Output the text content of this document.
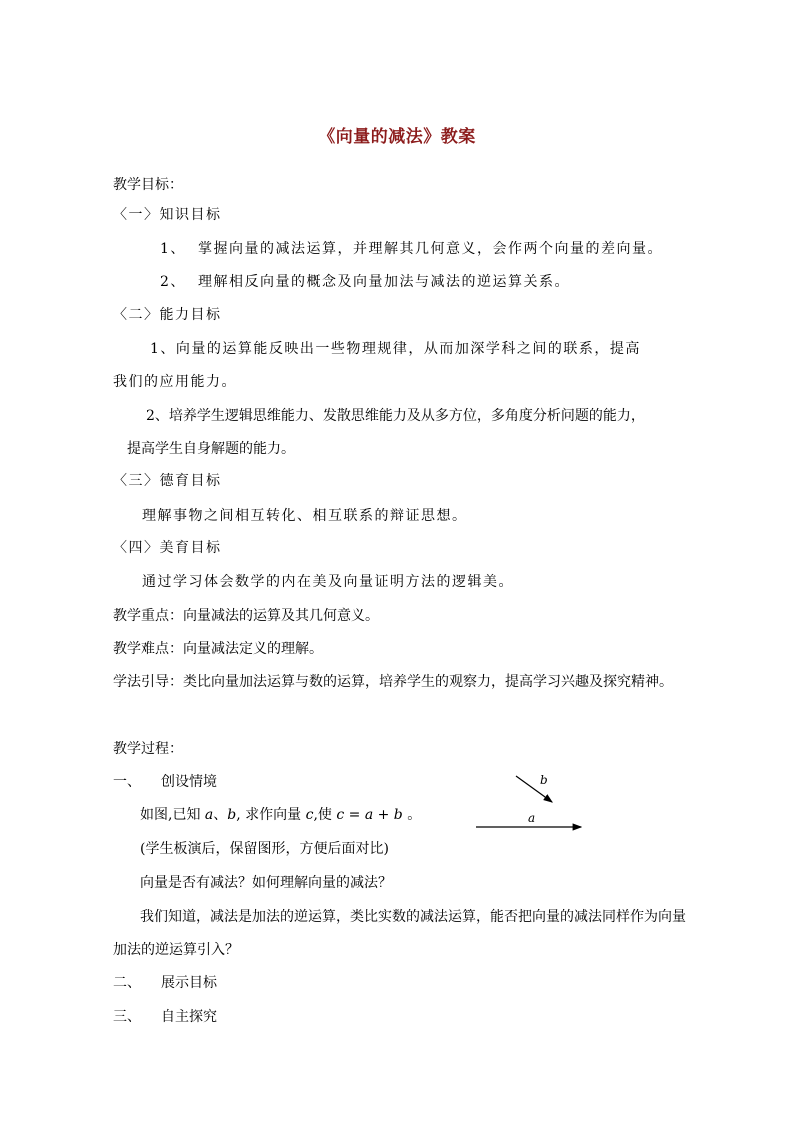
《向量的减法》教案
教学目标：
〈一〉知识目标
1、 掌握向量的减法运算，并理解其几何意义，会作两个向量的差向量。
2、 理解相反向量的概念及向量加法与减法的逆运算关系。
〈二〉能力目标
1、向量的运算能反映出一些物理规律，从而加深学科之间的联系，提高
我们的应用能力。
2、培养学生逻辑思维能力、发散思维能力及从多方位，多角度分析问题的能力，
提高学生自身解题的能力。
〈三〉德育目标
理解事物之间相互转化、相互联系的辩证思想。
〈四〉美育目标
通过学习体会数学的内在美及向量证明方法的逻辑美。
教学重点：向量减法的运算及其几何意义。
教学难点：向量减法定义的理解。
学法引导：类比向量加法运算与数的运算，培养学生的观察力，提高学习兴趣及探究精神。
教学过程：
一、 创设情境
如图,已知 a、b, 求作向量 c,使 c = a + b 。
(学生板演后，保留图形，方便后面对比)
向量是否有减法？如何理解向量的减法？
我们知道，减法是加法的逆运算，类比实数的减法运算，能否把向量的减法同样作为向量
加法的逆运算引入？
二、 展示目标
三、 自主探究
b
a
